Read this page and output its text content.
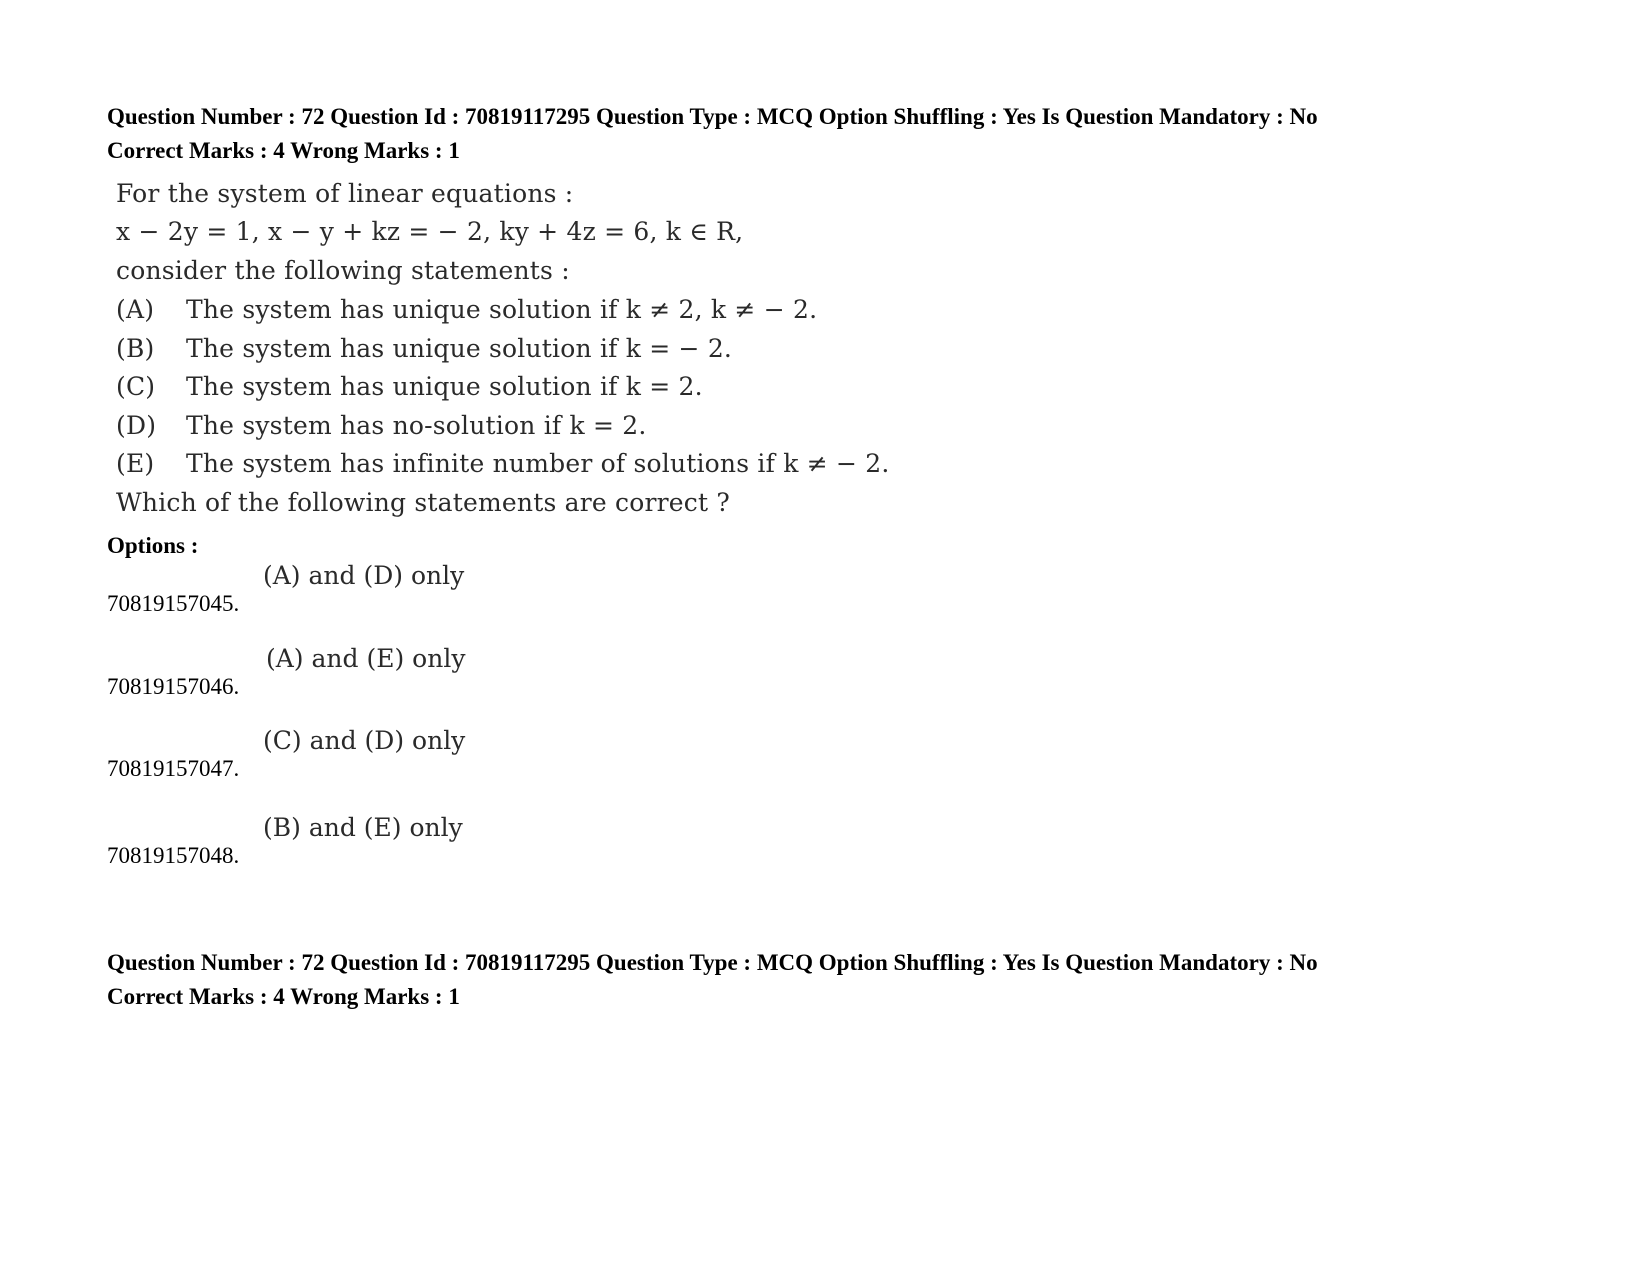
Question Number : 72 Question Id : 70819117295 Question Type : MCQ Option Shuffling : Yes Is Question Mandatory : No
Correct Marks : 4 Wrong Marks : 1
For the system of linear equations :
x − 2y = 1, x − y + kz = − 2, ky + 4z = 6, k ∈ R,
consider the following statements :
(A) The system has unique solution if k ≠ 2, k ≠ − 2.
(B) The system has unique solution if k = − 2.
(C) The system has unique solution if k = 2.
(D) The system has no-solution if k = 2.
(E) The system has infinite number of solutions if k ≠ − 2.
Which of the following statements are correct ?
Options :
70819157045.
(A) and (D) only
70819157046.
(A) and (E) only
70819157047.
(C) and (D) only
70819157048.
(B) and (E) only
Question Number : 72 Question Id : 70819117295 Question Type : MCQ Option Shuffling : Yes Is Question Mandatory : No
Correct Marks : 4 Wrong Marks : 1
